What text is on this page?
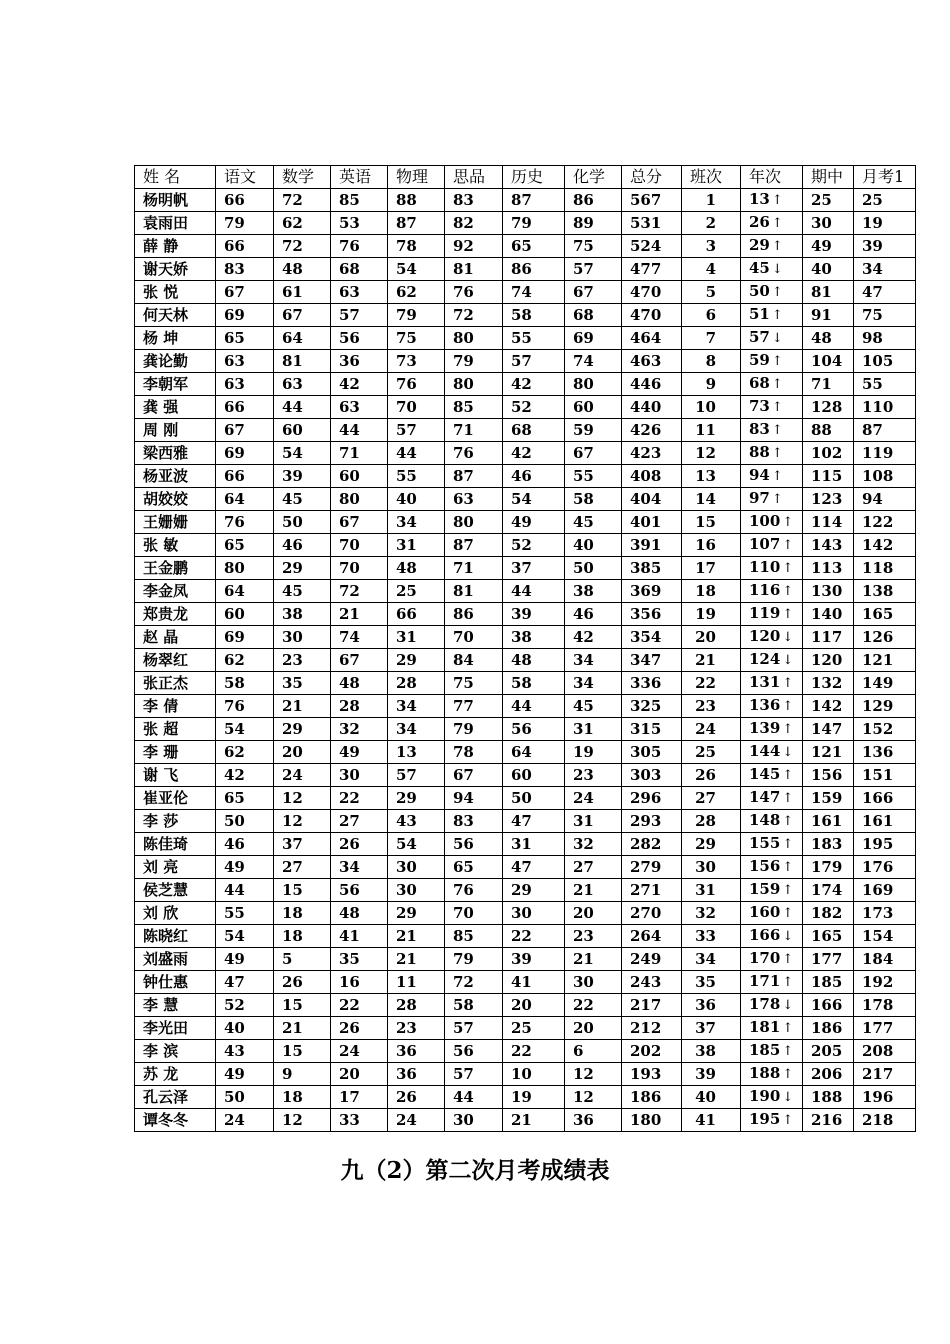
姓 名	语文	数学	英语	物理	思品	历史	化学	总分	班次	年次	期中	月考1
杨明帆	66	72	85	88	83	87	86	567	1	13 ↑	25	25
袁雨田	79	62	53	87	82	79	89	531	2	26 ↑	30	19
薛 静	66	72	76	78	92	65	75	524	3	29 ↑	49	39
谢天娇	83	48	68	54	81	86	57	477	4	45 ↓	40	34
张 悦	67	61	63	62	76	74	67	470	5	50 ↑	81	47
何天林	69	67	57	79	72	58	68	470	6	51 ↑	91	75
杨 坤	65	64	56	75	80	55	69	464	7	57 ↓	48	98
龚论勤	63	81	36	73	79	57	74	463	8	59 ↑	104	105
李朝军	63	63	42	76	80	42	80	446	9	68 ↑	71	55
龚 强	66	44	63	70	85	52	60	440	10	73 ↑	128	110
周 刚	67	60	44	57	71	68	59	426	11	83 ↑	88	87
梁西雅	69	54	71	44	76	42	67	423	12	88 ↑	102	119
杨亚波	66	39	60	55	87	46	55	408	13	94 ↑	115	108
胡姣姣	64	45	80	40	63	54	58	404	14	97 ↑	123	94
王姗姗	76	50	67	34	80	49	45	401	15	100 ↑	114	122
张 敏	65	46	70	31	87	52	40	391	16	107 ↑	143	142
王金鹏	80	29	70	48	71	37	50	385	17	110 ↑	113	118
李金凤	64	45	72	25	81	44	38	369	18	116 ↑	130	138
郑贵龙	60	38	21	66	86	39	46	356	19	119 ↑	140	165
赵 晶	69	30	74	31	70	38	42	354	20	120 ↓	117	126
杨翠红	62	23	67	29	84	48	34	347	21	124 ↓	120	121
张正杰	58	35	48	28	75	58	34	336	22	131 ↑	132	149
李 倩	76	21	28	34	77	44	45	325	23	136 ↑	142	129
张 超	54	29	32	34	79	56	31	315	24	139 ↑	147	152
李 珊	62	20	49	13	78	64	19	305	25	144 ↓	121	136
谢 飞	42	24	30	57	67	60	23	303	26	145 ↑	156	151
崔亚伦	65	12	22	29	94	50	24	296	27	147 ↑	159	166
李 莎	50	12	27	43	83	47	31	293	28	148 ↑	161	161
陈佳琦	46	37	26	54	56	31	32	282	29	155 ↑	183	195
刘 亮	49	27	34	30	65	47	27	279	30	156 ↑	179	176
侯芝慧	44	15	56	30	76	29	21	271	31	159 ↑	174	169
刘 欣	55	18	48	29	70	30	20	270	32	160 ↑	182	173
陈晓红	54	18	41	21	85	22	23	264	33	166 ↓	165	154
刘盛雨	49	5	35	21	79	39	21	249	34	170 ↑	177	184
钟仕惠	47	26	16	11	72	41	30	243	35	171 ↑	185	192
李 慧	52	15	22	28	58	20	22	217	36	178 ↓	166	178
李光田	40	21	26	23	57	25	20	212	37	181 ↑	186	177
李 滨	43	15	24	36	56	22	6	202	38	185 ↑	205	208
苏 龙	49	9	20	36	57	10	12	193	39	188 ↑	206	217
孔云泽	50	18	17	26	44	19	12	186	40	190 ↓	188	196
谭冬冬	24	12	33	24	30	21	36	180	41	195 ↑	216	218
九（2）第二次月考成绩表
